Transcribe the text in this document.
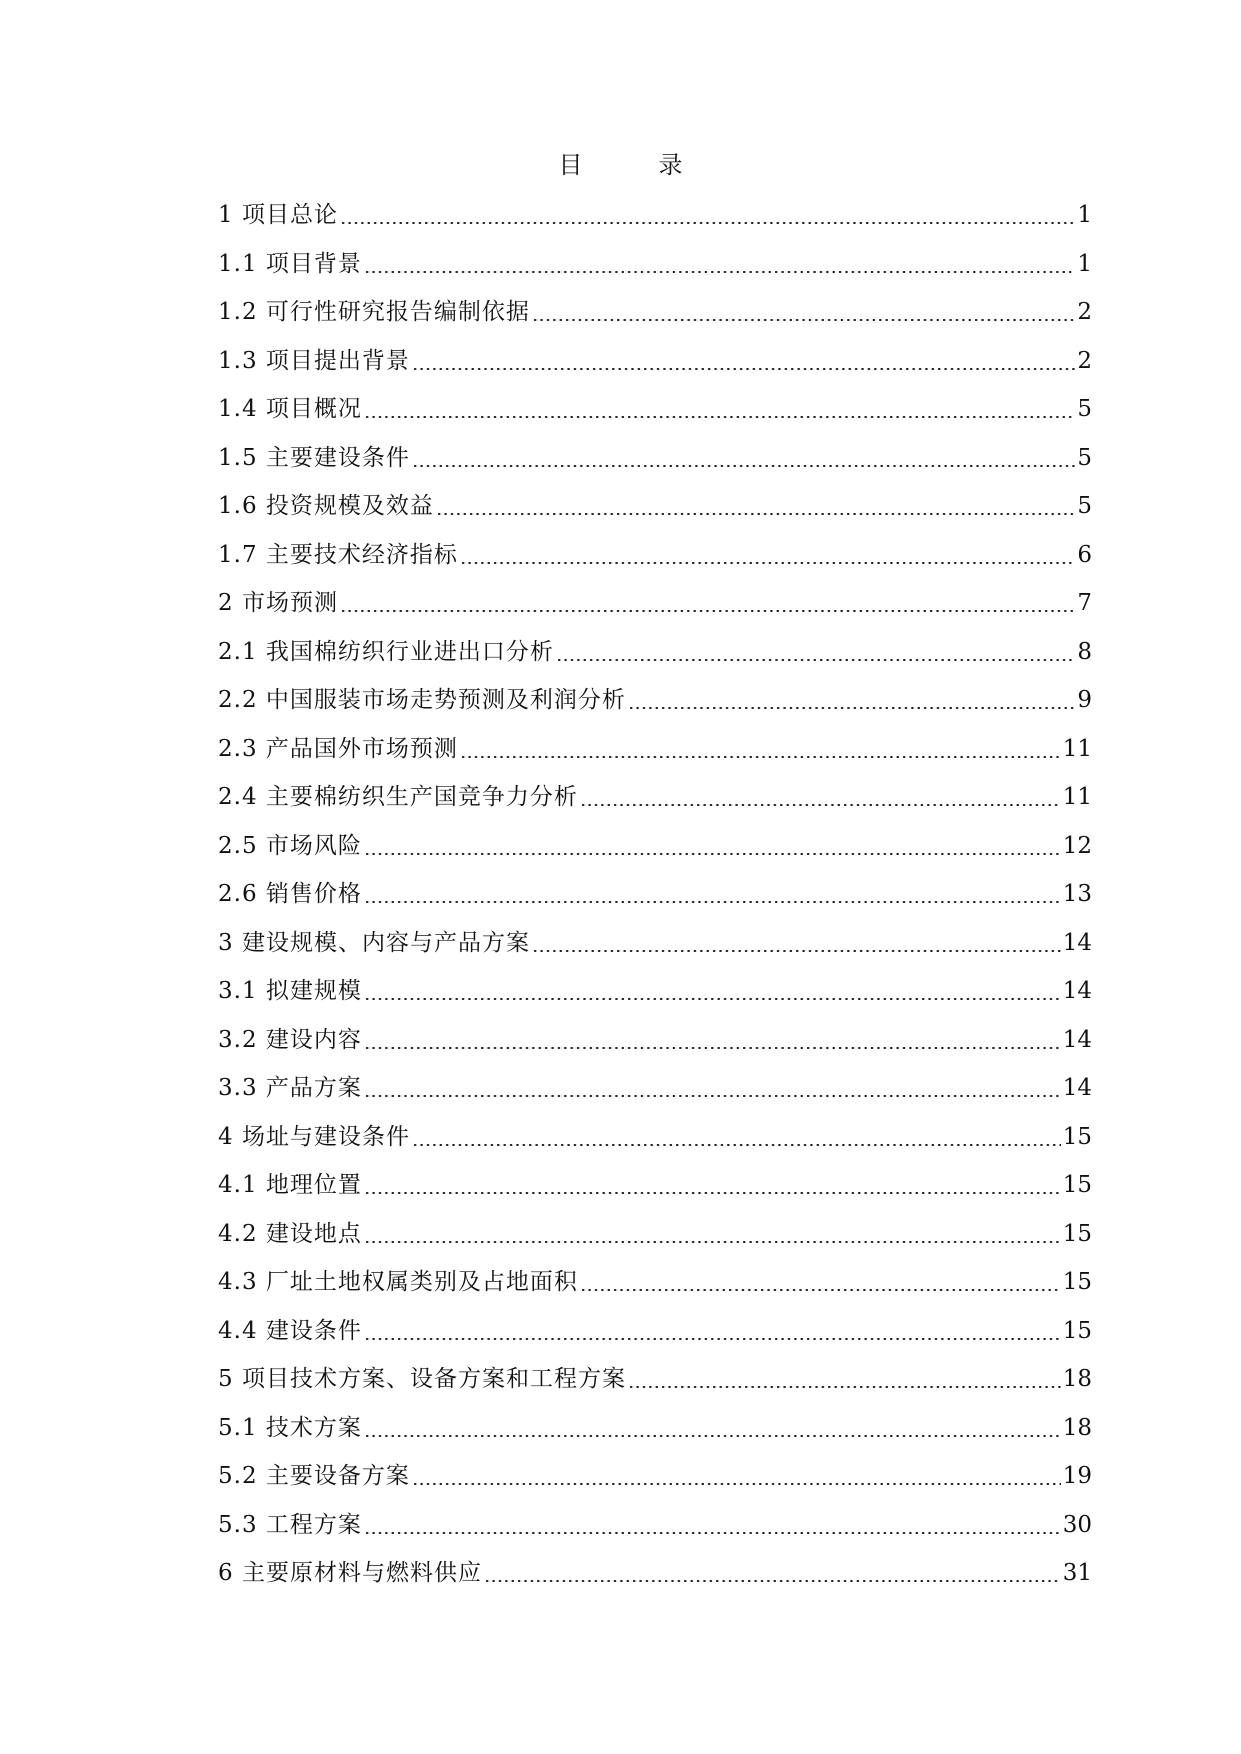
目　录
1 项目总论	1
1.1 项目背景	1
1.2 可行性研究报告编制依据	2
1.3 项目提出背景	2
1.4 项目概况	5
1.5 主要建设条件	5
1.6 投资规模及效益	5
1.7 主要技术经济指标	6
2 市场预测	7
2.1 我国棉纺织行业进出口分析	8
2.2 中国服装市场走势预测及利润分析	9
2.3 产品国外市场预测	11
2.4 主要棉纺织生产国竞争力分析	11
2.5 市场风险	12
2.6 销售价格	13
3 建设规模、内容与产品方案	14
3.1 拟建规模	14
3.2 建设内容	14
3.3 产品方案	14
4 场址与建设条件	15
4.1 地理位置	15
4.2 建设地点	15
4.3 厂址土地权属类别及占地面积	15
4.4 建设条件	15
5 项目技术方案、设备方案和工程方案	18
5.1 技术方案	18
5.2 主要设备方案	19
5.3 工程方案	30
6 主要原材料与燃料供应	31
